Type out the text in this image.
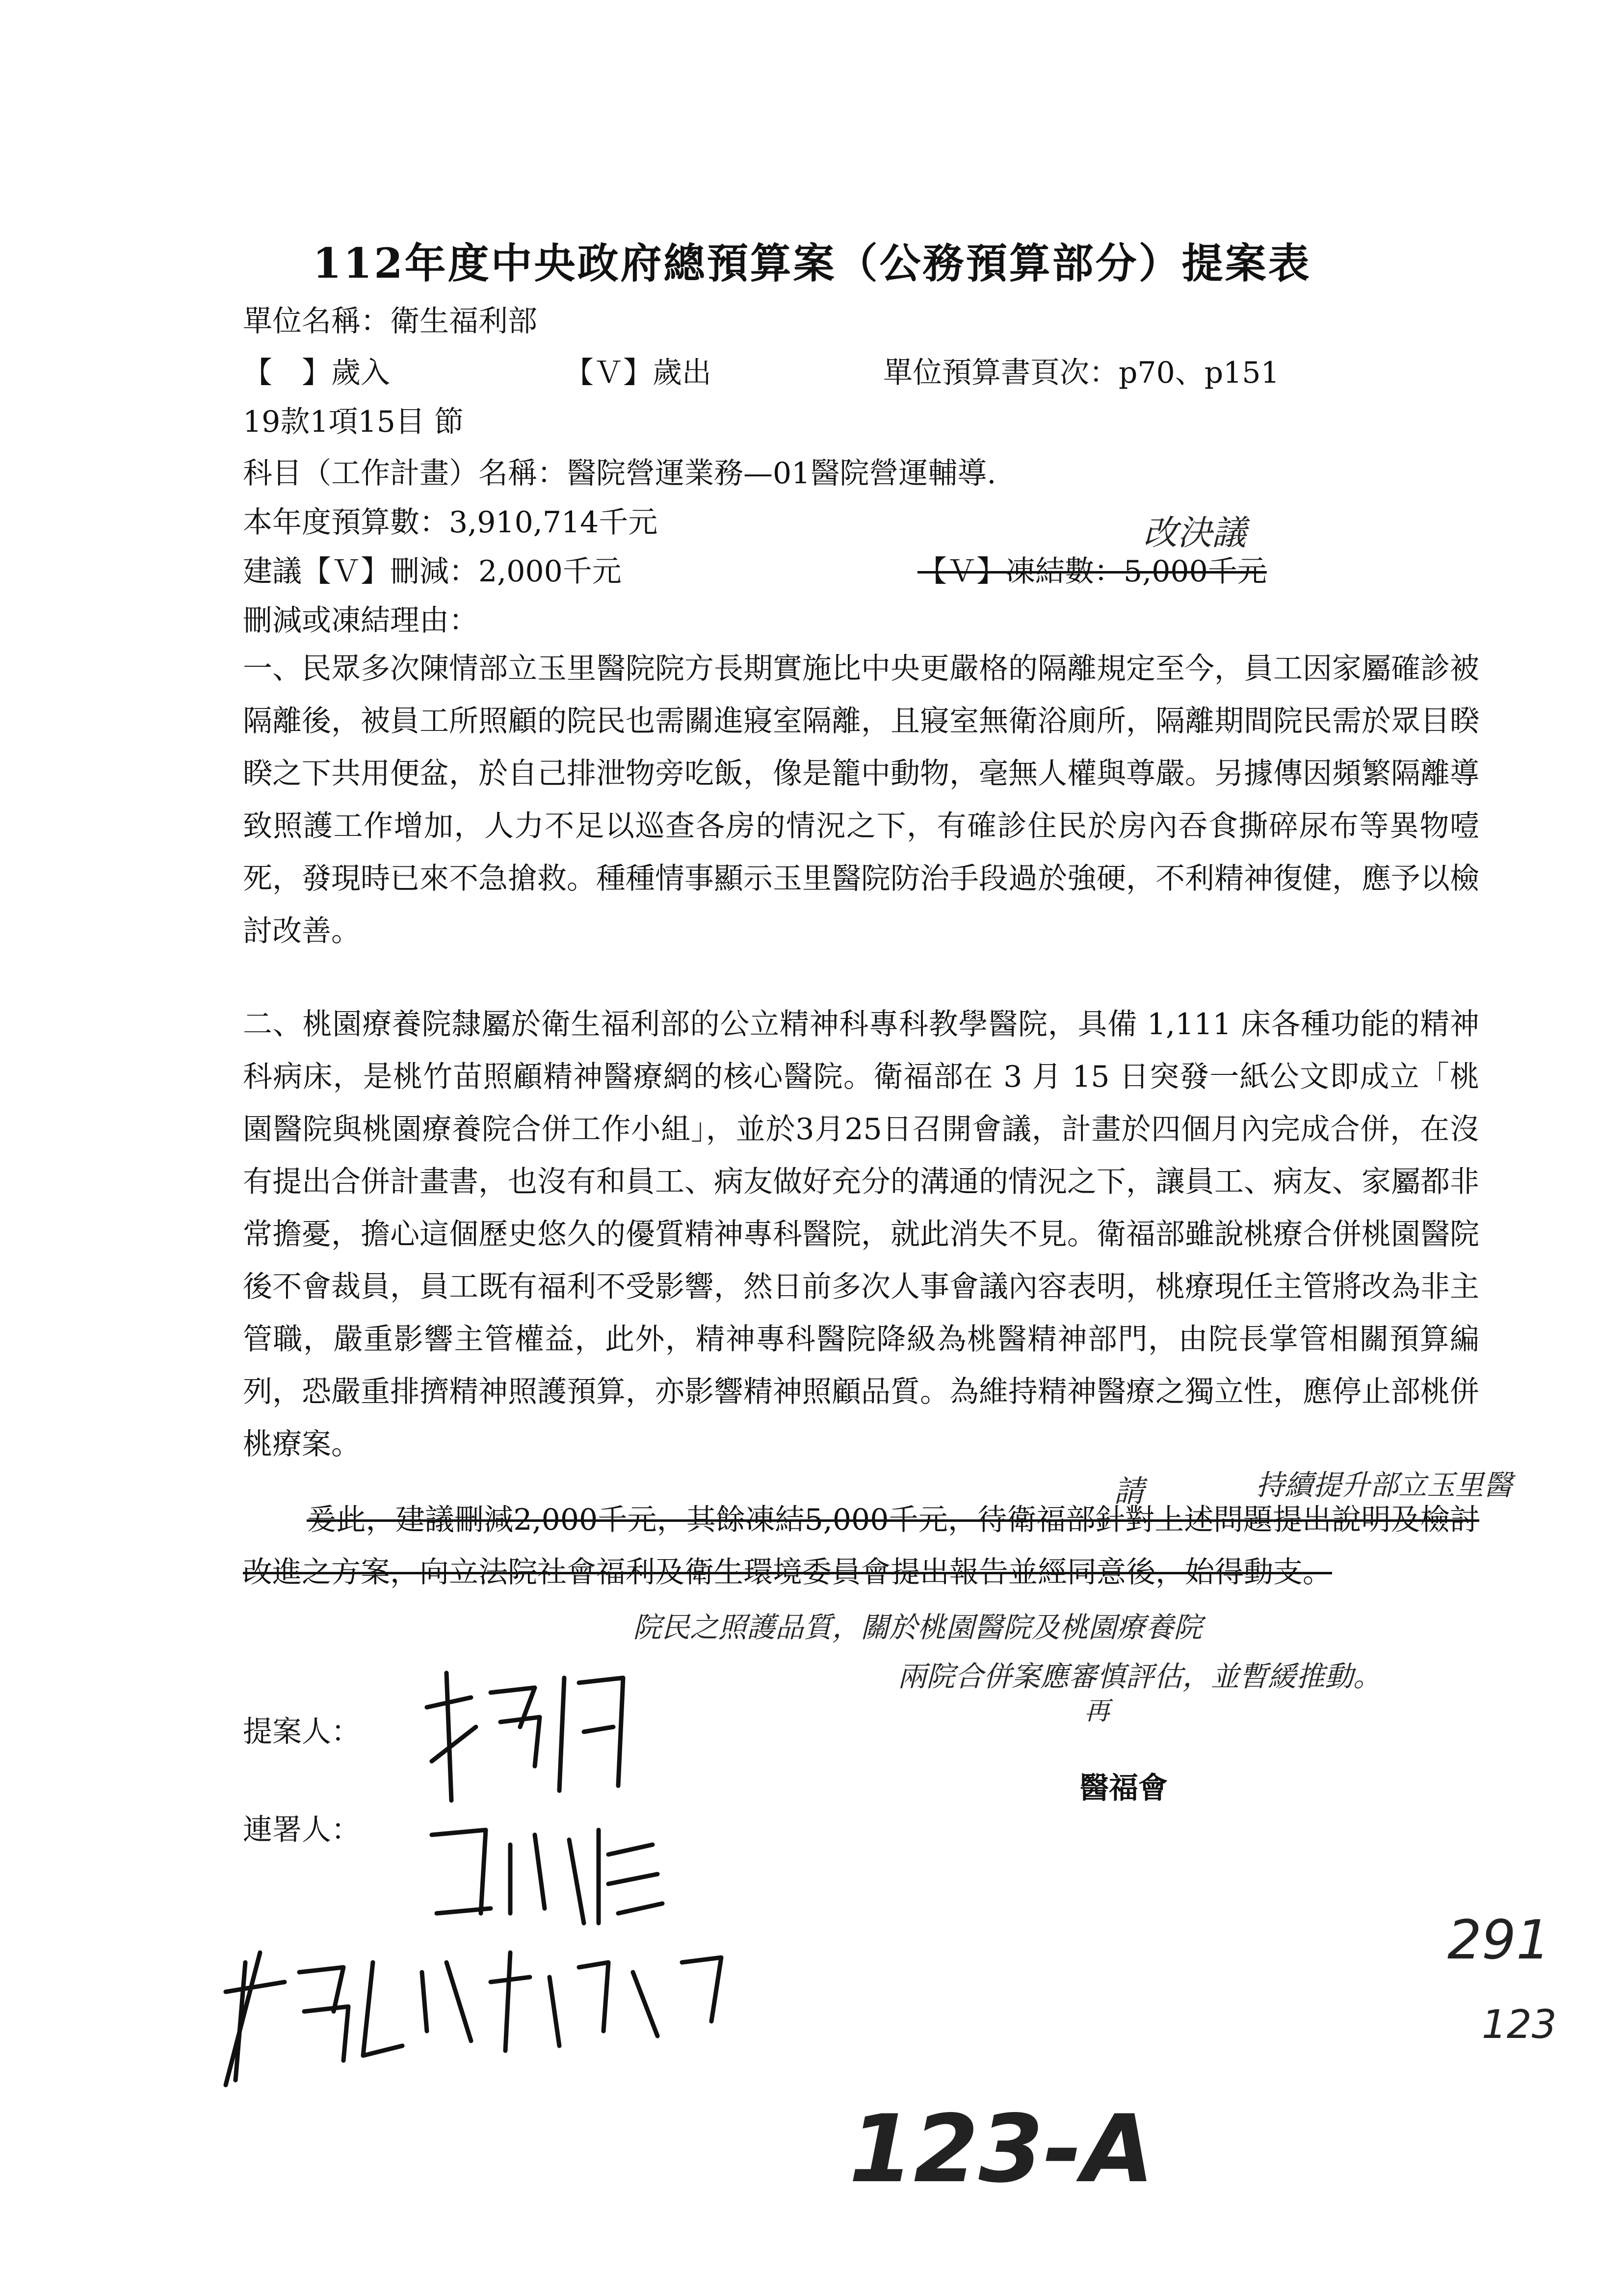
112年度中央政府總預算案（公務預算部分）提案表
單位名稱：衛生福利部
【　】歲入	【Ｖ】歲出	單位預算書頁次：p70、p151
19款1項15目 節
科目（工作計畫）名稱：醫院營運業務—01醫院營運輔導.
改決議
本年度預算數：3,910,714千元
建議【Ｖ】刪減：2,000千元	【Ｖ】凍結數：5,000千元
刪減或凍結理由：
一、民眾多次陳情部立玉里醫院院方長期實施比中央更嚴格的隔離規定至今，員工因家屬確診被隔離後，被員工所照顧的院民也需關進寢室隔離，且寢室無衛浴廁所，隔離期間院民需於眾目睽睽之下共用便盆，於自己排泄物旁吃飯，像是籠中動物，毫無人權與尊嚴。另據傳因頻繁隔離導致照護工作增加，人力不足以巡查各房的情況之下，有確診住民於房內吞食撕碎尿布等異物噎死，發現時已來不急搶救。種種情事顯示玉里醫院防治手段過於強硬，不利精神復健，應予以檢討改善。
二、桃園療養院隸屬於衛生福利部的公立精神科專科教學醫院，具備 1,111 床各種功能的精神科病床，是桃竹苗照顧精神醫療網的核心醫院。衛福部在 3 月 15 日突發一紙公文即成立「桃園醫院與桃園療養院合併工作小組」，並於3月25日召開會議，計畫於四個月內完成合併，在沒有提出合併計畫書，也沒有和員工、病友做好充分的溝通的情況之下，讓員工、病友、家屬都非常擔憂，擔心這個歷史悠久的優質精神專科醫院，就此消失不見。衛福部雖說桃療合併桃園醫院後不會裁員，員工既有福利不受影響，然日前多次人事會議內容表明，桃療現任主管將改為非主管職，嚴重影響主管權益，此外，精神專科醫院降級為桃醫精神部門，由院長掌管相關預算編列，恐嚴重排擠精神照護預算，亦影響精神照顧品質。為維持精神醫療之獨立性，應停止部桃併桃療案。
請	持續提升部立玉里醫
爰此，建議刪減2,000千元，其餘凍結5,000千元，待衛福部針對上述問題提出說明及檢討改進之方案，向立法院社會福利及衛生環境委員會提出報告並經同意後，始得動支。
院民之照護品質，關於桃園醫院及桃園療養院
兩院合併案應審慎評估，並暫緩推動。
再
提案人：
連署人：
醫福會
291
123
123-A
